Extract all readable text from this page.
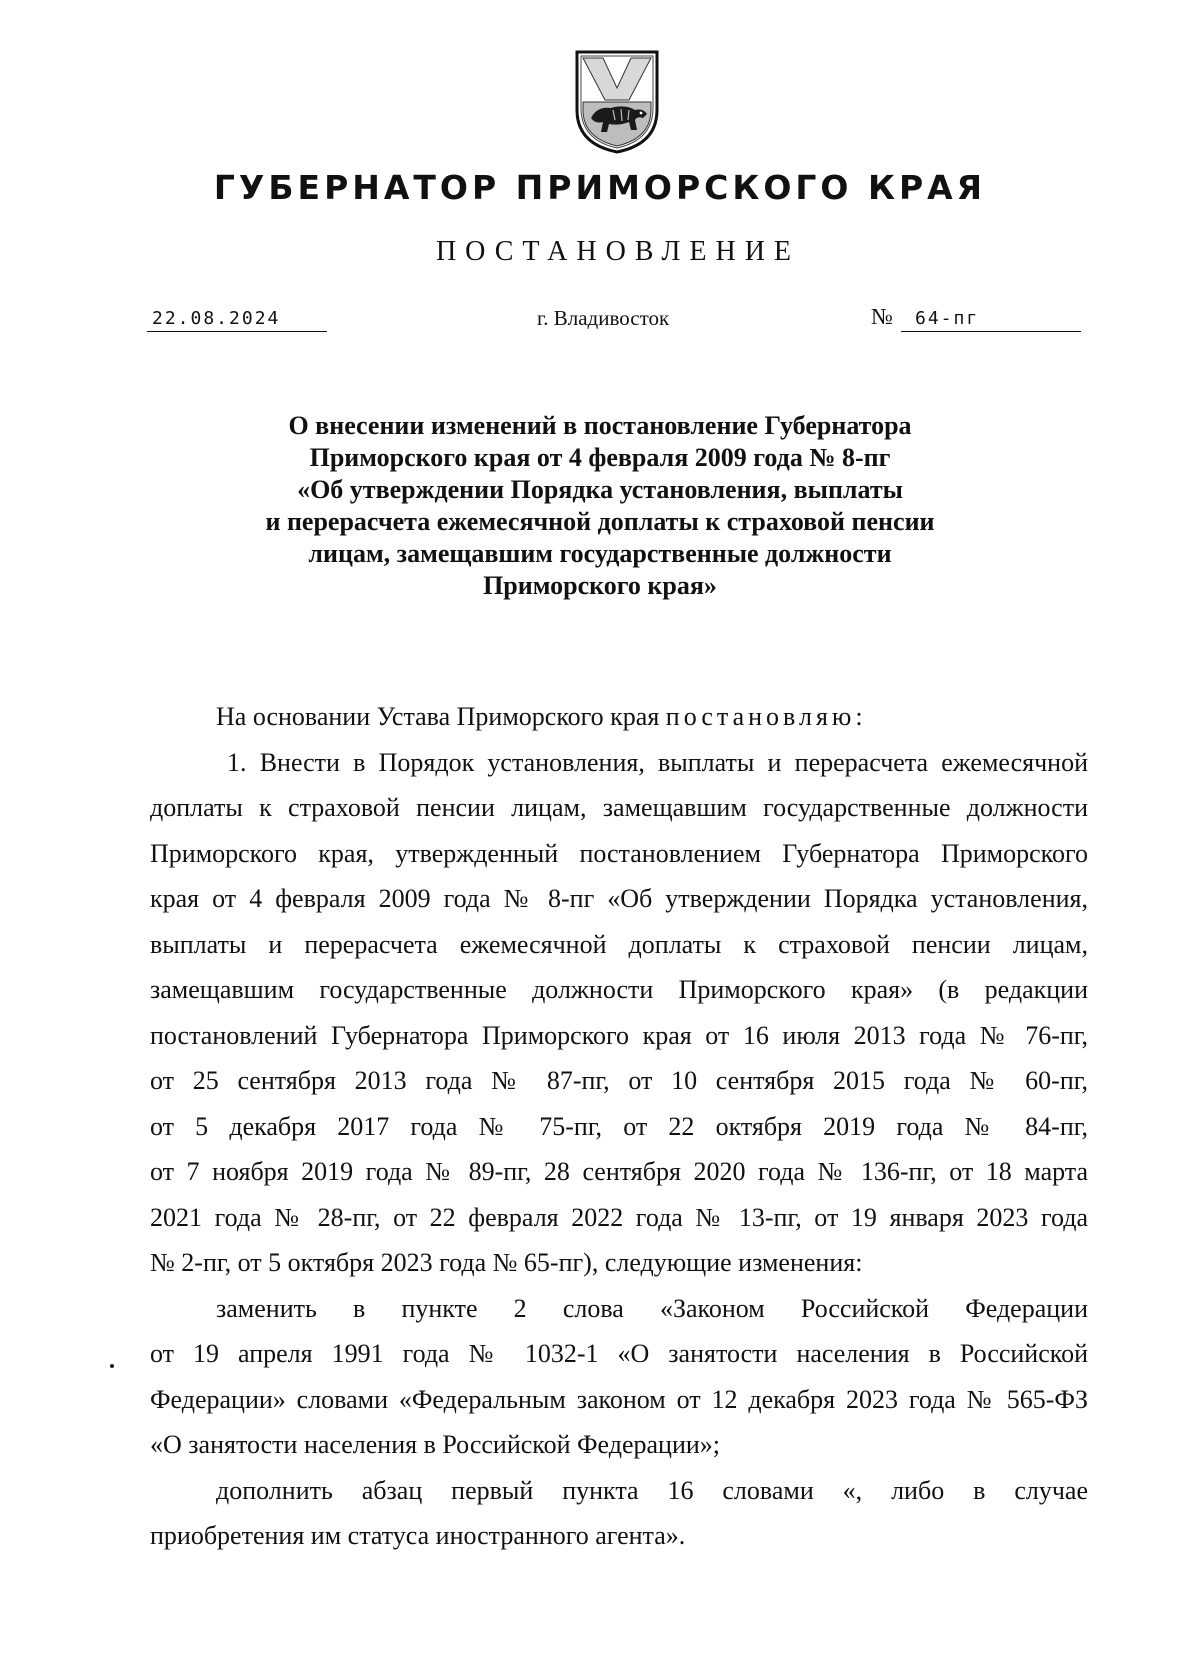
ГУБЕРНАТОР ПРИМОРСКОГО КРАЯ
ПОСТАНОВЛЕНИЕ
22.08.2024	г. Владивосток	№	64-пг
О внесении изменений в постановление Губернатора
Приморского края от 4 февраля 2009 года № 8-пг
«Об утверждении Порядка установления, выплаты
и перерасчета ежемесячной доплаты к страховой пенсии
лицам, замещавшим государственные должности
Приморского края»
На основании Устава Приморского края постановляю:
1. Внести в Порядок установления, выплаты и перерасчета ежемесячной
доплаты к страховой пенсии лицам, замещавшим государственные должности
Приморского края, утвержденный постановлением Губернатора Приморского
края от 4 февраля 2009 года № 8-пг «Об утверждении Порядка установления,
выплаты и перерасчета ежемесячной доплаты к страховой пенсии лицам,
замещавшим государственные должности Приморского края» (в редакции
постановлений Губернатора Приморского края от 16 июля 2013 года № 76-пг,
от 25 сентября 2013 года № 87-пг, от 10 сентября 2015 года № 60-пг,
от 5 декабря 2017 года № 75-пг, от 22 октября 2019 года № 84-пг,
от 7 ноября 2019 года № 89-пг, 28 сентября 2020 года № 136-пг, от 18 марта
2021 года № 28-пг, от 22 февраля 2022 года № 13-пг, от 19 января 2023 года
№ 2-пг, от 5 октября 2023 года № 65-пг), следующие изменения:
заменить в пункте 2 слова «Законом Российской Федерации
от 19 апреля 1991 года № 1032-1 «О занятости населения в Российской
Федерации» словами «Федеральным законом от 12 декабря 2023 года № 565-ФЗ
«О занятости населения в Российской Федерации»;
дополнить абзац первый пункта 16 словами «, либо в случае
приобретения им статуса иностранного агента».
